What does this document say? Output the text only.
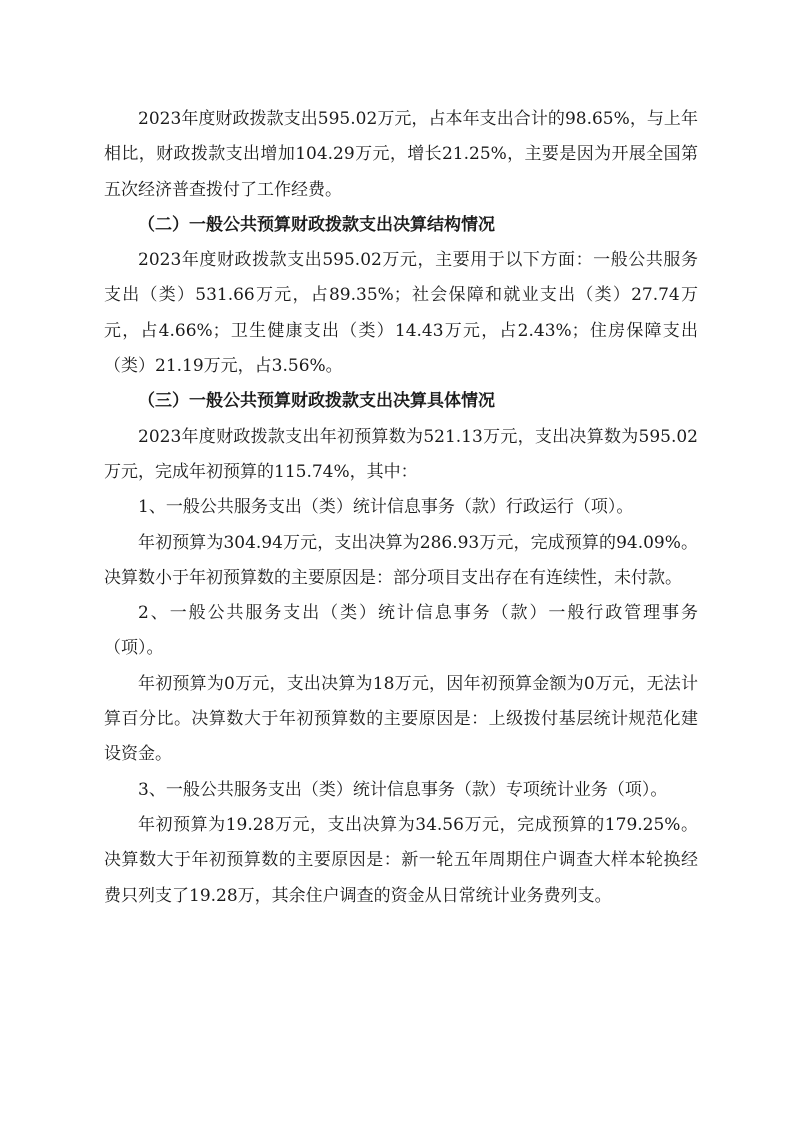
2023年度财政拨款支出595.02万元，占本年支出合计的98.65%，与上年相比，财政拨款支出增加104.29万元，增长21.25%，主要是因为开展全国第五次经济普查拨付了工作经费。

（二）一般公共预算财政拨款支出决算结构情况

2023年度财政拨款支出595.02万元，主要用于以下方面：一般公共服务支出（类）531.66万元，占89.35%；社会保障和就业支出（类）27.74万元，占4.66%；卫生健康支出（类）14.43万元，占2.43%；住房保障支出（类）21.19万元，占3.56%。

（三）一般公共预算财政拨款支出决算具体情况

2023年度财政拨款支出年初预算数为521.13万元，支出决算数为595.02万元，完成年初预算的115.74%，其中：

1、一般公共服务支出（类）统计信息事务（款）行政运行（项）。

年初预算为304.94万元，支出决算为286.93万元，完成预算的94.09%。决算数小于年初预算数的主要原因是：部分项目支出存在有连续性，未付款。

2、一般公共服务支出（类）统计信息事务（款）一般行政管理事务（项）。

年初预算为0万元，支出决算为18万元，因年初预算金额为0万元，无法计算百分比。决算数大于年初预算数的主要原因是：上级拨付基层统计规范化建设资金。

3、一般公共服务支出（类）统计信息事务（款）专项统计业务（项）。

年初预算为19.28万元，支出决算为34.56万元，完成预算的179.25%。决算数大于年初预算数的主要原因是：新一轮五年周期住户调查大样本轮换经费只列支了19.28万，其余住户调查的资金从日常统计业务费列支。
